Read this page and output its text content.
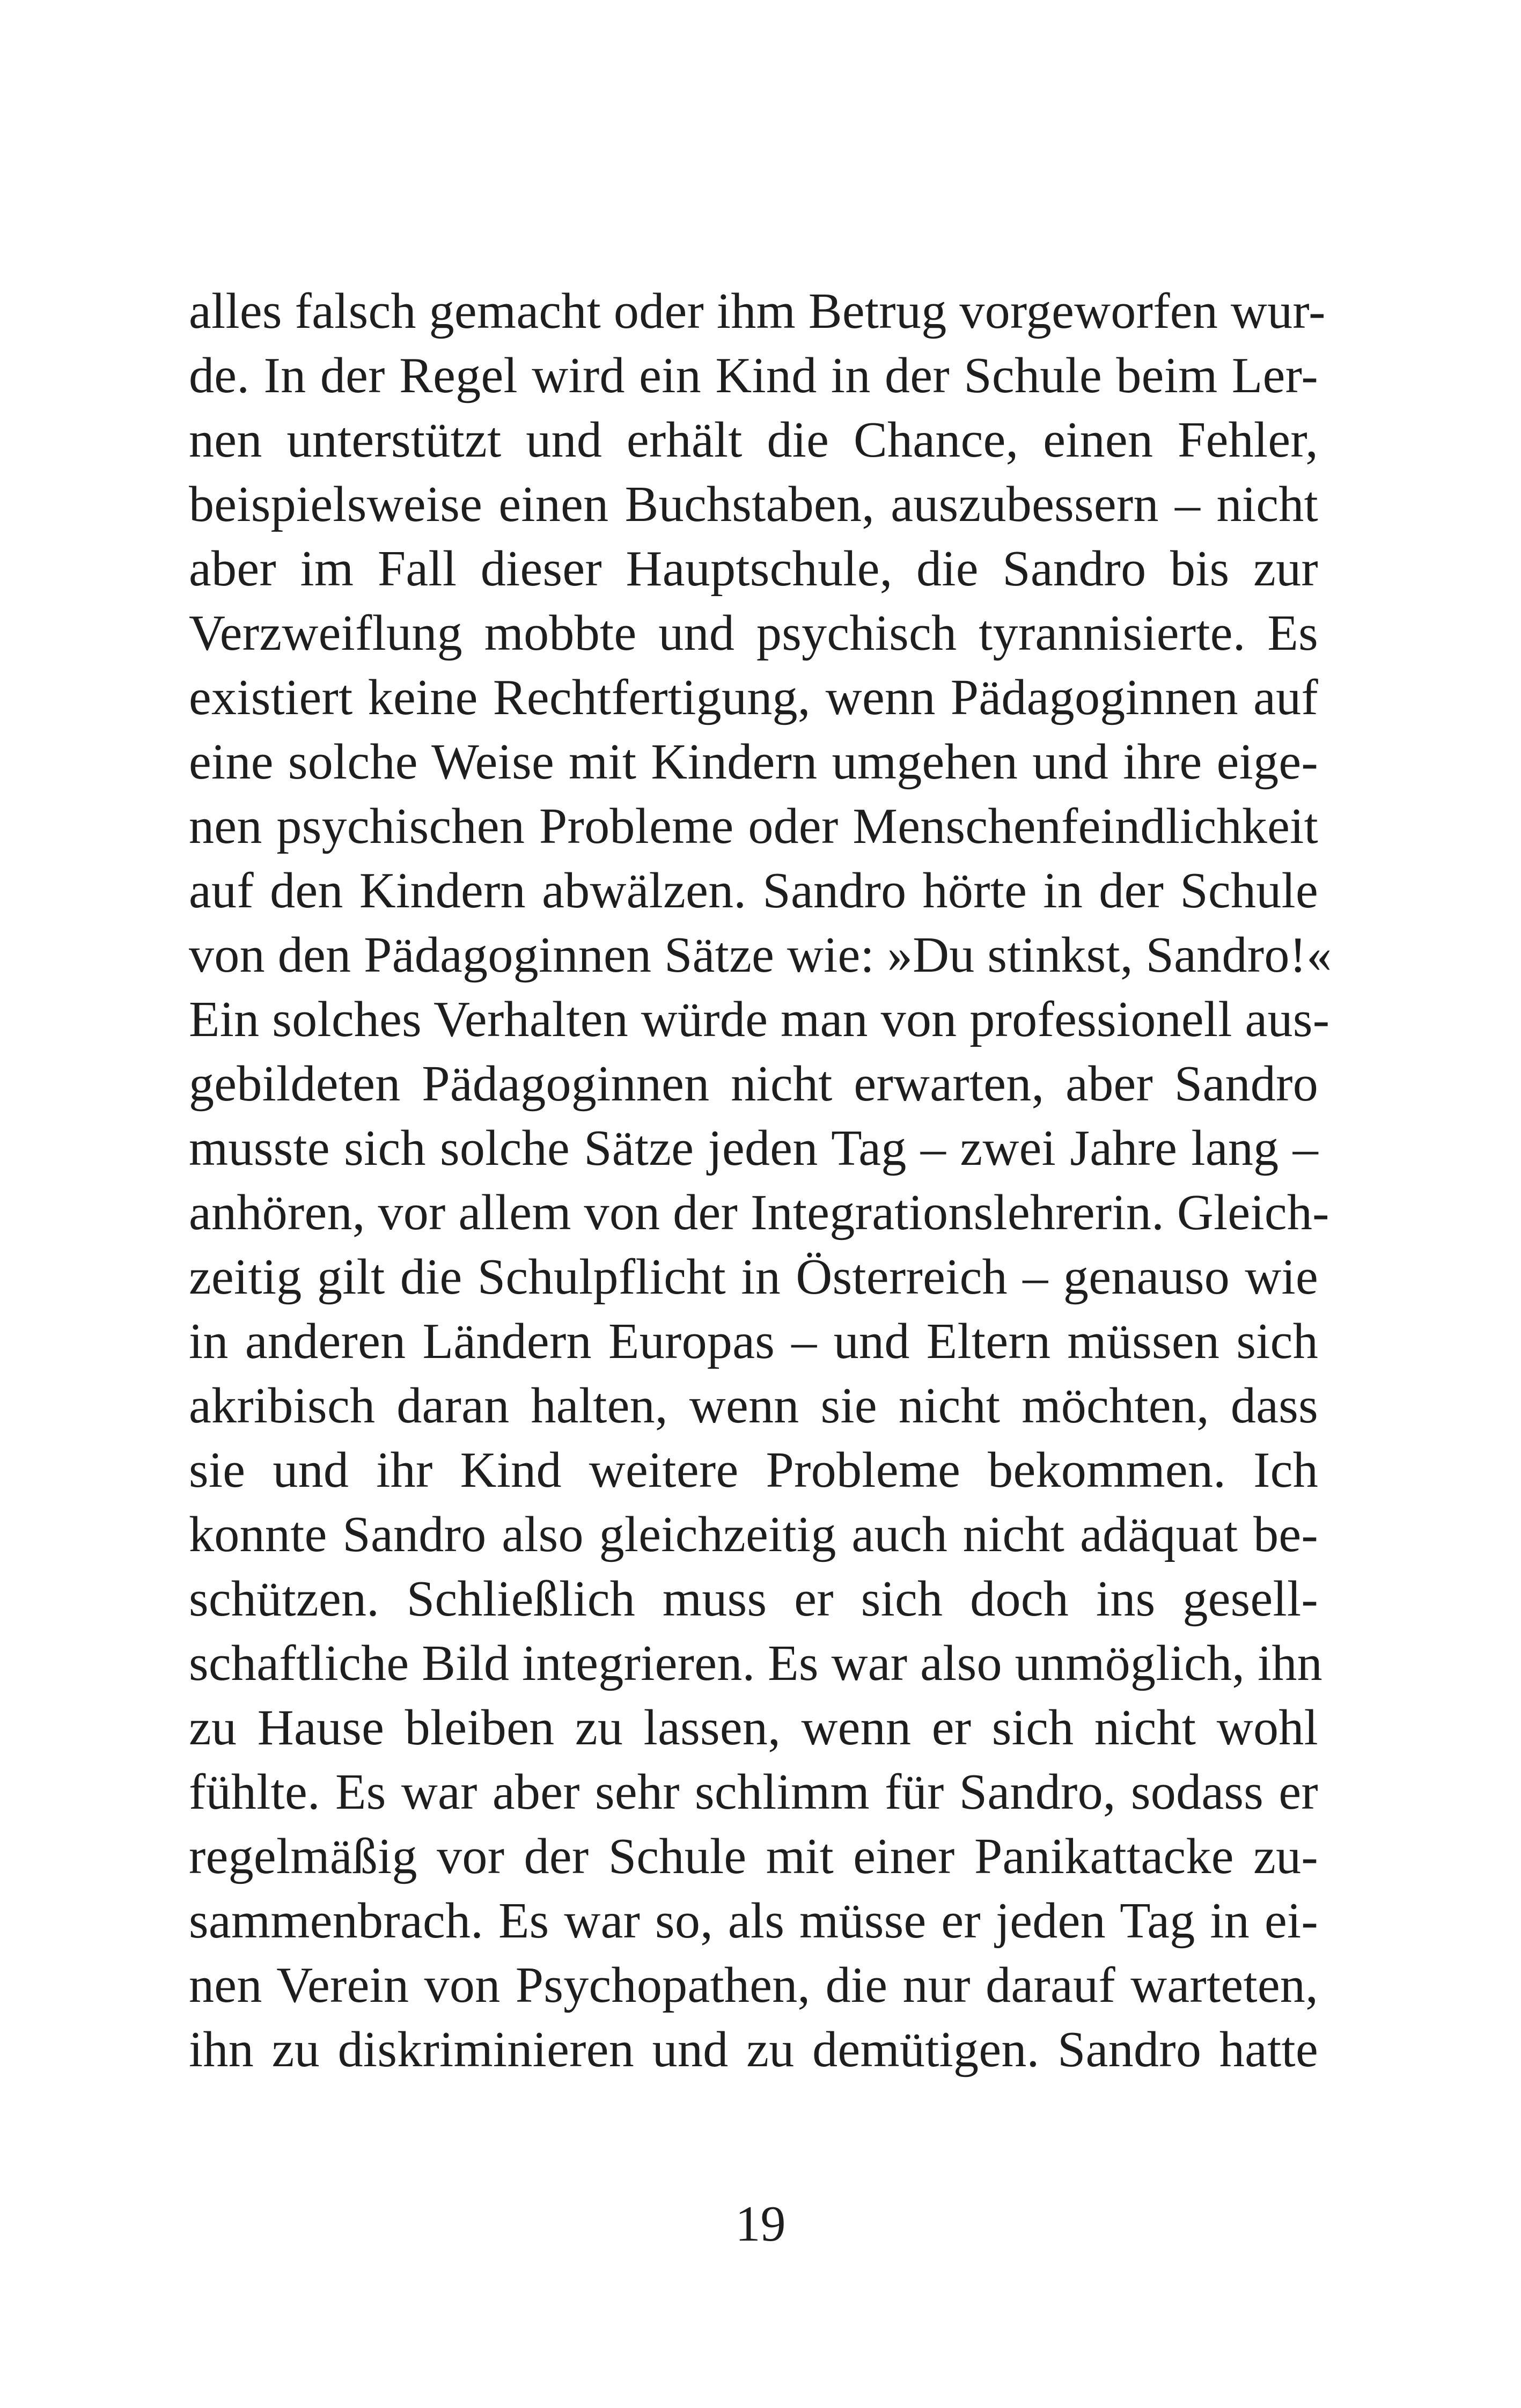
alles falsch gemacht oder ihm Betrug vorgeworfen wur-
de. In der Regel wird ein Kind in der Schule beim Ler-
nen unterstützt und erhält die Chance, einen Fehler,
beispielsweise einen Buchstaben, auszubessern – nicht
aber im Fall dieser Hauptschule, die Sandro bis zur
Verzweiflung mobbte und psychisch tyrannisierte. Es
existiert keine Rechtfertigung, wenn Pädagoginnen auf
eine solche Weise mit Kindern umgehen und ihre eige-
nen psychischen Probleme oder Menschenfeindlichkeit
auf den Kindern abwälzen. Sandro hörte in der Schule
von den Pädagoginnen Sätze wie: »Du stinkst, Sandro!«
Ein solches Verhalten würde man von professionell aus-
gebildeten Pädagoginnen nicht erwarten, aber Sandro
musste sich solche Sätze jeden Tag – zwei Jahre lang –
anhören, vor allem von der Integrationslehrerin. Gleich-
zeitig gilt die Schulpflicht in Österreich – genauso wie
in anderen Ländern Europas – und Eltern müssen sich
akribisch daran halten, wenn sie nicht möchten, dass
sie und ihr Kind weitere Probleme bekommen. Ich
konnte Sandro also gleichzeitig auch nicht adäquat be-
schützen. Schließlich muss er sich doch ins gesell-
schaftliche Bild integrieren. Es war also unmöglich, ihn
zu Hause bleiben zu lassen, wenn er sich nicht wohl
fühlte. Es war aber sehr schlimm für Sandro, sodass er
regelmäßig vor der Schule mit einer Panikattacke zu-
sammenbrach. Es war so, als müsse er jeden Tag in ei-
nen Verein von Psychopathen, die nur darauf warteten,
ihn zu diskriminieren und zu demütigen. Sandro hatte
19
